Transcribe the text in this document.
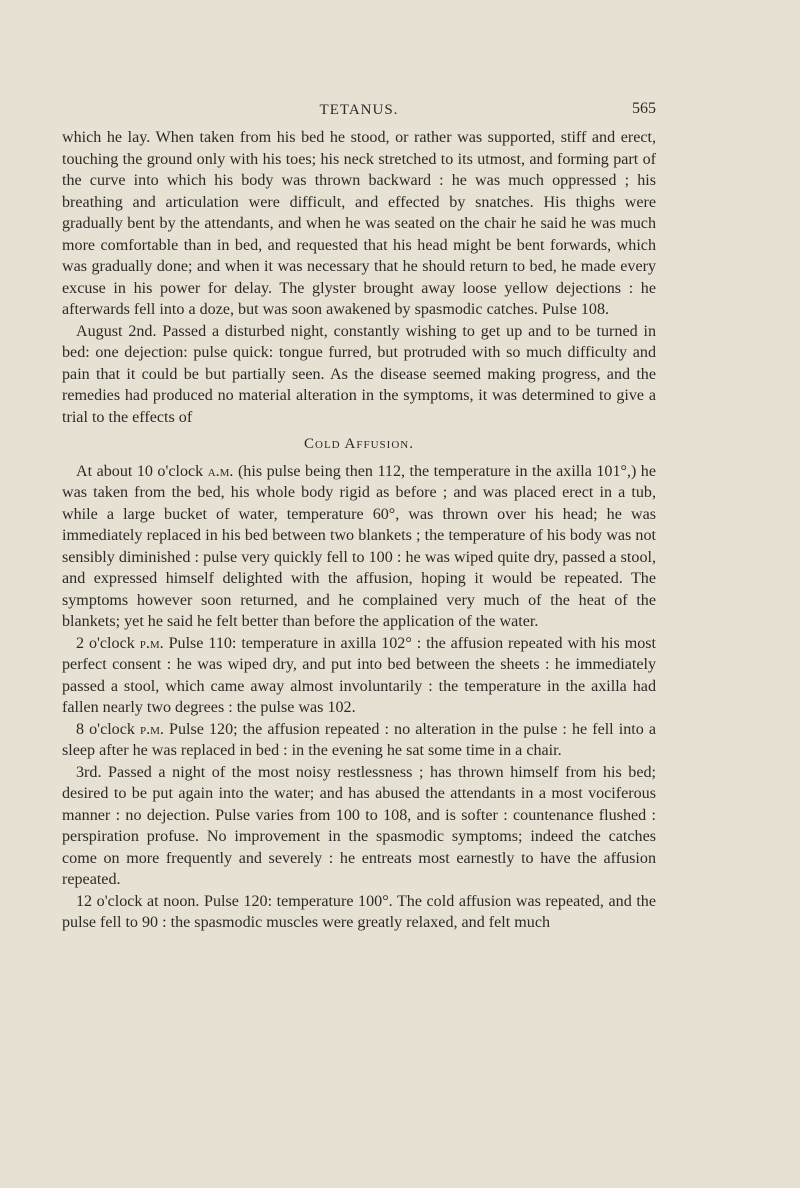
TETANUS.	565

which he lay. When taken from his bed he stood, or rather was supported, stiff and erect, touching the ground only with his toes; his neck stretched to its utmost, and forming part of the curve into which his body was thrown backward : he was much oppressed ; his breathing and articulation were difficult, and effected by snatches. His thighs were gradually bent by the attendants, and when he was seated on the chair he said he was much more comfortable than in bed, and requested that his head might be bent forwards, which was gradually done; and when it was necessary that he should return to bed, he made every excuse in his power for delay. The glyster brought away loose yellow dejections : he afterwards fell into a doze, but was soon awakened by spasmodic catches. Pulse 108.

August 2nd. Passed a disturbed night, constantly wishing to get up and to be turned in bed: one dejection: pulse quick: tongue furred, but protruded with so much difficulty and pain that it could be but partially seen. As the disease seemed making progress, and the remedies had produced no material alteration in the symptoms, it was determined to give a trial to the effects of

Cold Affusion.

At about 10 o'clock a.m. (his pulse being then 112, the temperature in the axilla 101°,) he was taken from the bed, his whole body rigid as before ; and was placed erect in a tub, while a large bucket of water, temperature 60°, was thrown over his head; he was immediately replaced in his bed between two blankets ; the temperature of his body was not sensibly diminished : pulse very quickly fell to 100 : he was wiped quite dry, passed a stool, and expressed himself delighted with the affusion, hoping it would be repeated. The symptoms however soon returned, and he complained very much of the heat of the blankets; yet he said he felt better than before the application of the water.

2 o'clock p.m. Pulse 110: temperature in axilla 102° : the affusion repeated with his most perfect consent : he was wiped dry, and put into bed between the sheets : he immediately passed a stool, which came away almost involuntarily : the temperature in the axilla had fallen nearly two degrees : the pulse was 102.

8 o'clock p.m. Pulse 120; the affusion repeated : no alteration in the pulse : he fell into a sleep after he was replaced in bed : in the evening he sat some time in a chair.

3rd. Passed a night of the most noisy restlessness ; has thrown himself from his bed; desired to be put again into the water; and has abused the attendants in a most vociferous manner : no dejection. Pulse varies from 100 to 108, and is softer : countenance flushed : perspiration profuse. No improvement in the spasmodic symptoms; indeed the catches come on more frequently and severely : he entreats most earnestly to have the affusion repeated.

12 o'clock at noon. Pulse 120: temperature 100°. The cold affusion was repeated, and the pulse fell to 90 : the spasmodic muscles were greatly relaxed, and felt much
